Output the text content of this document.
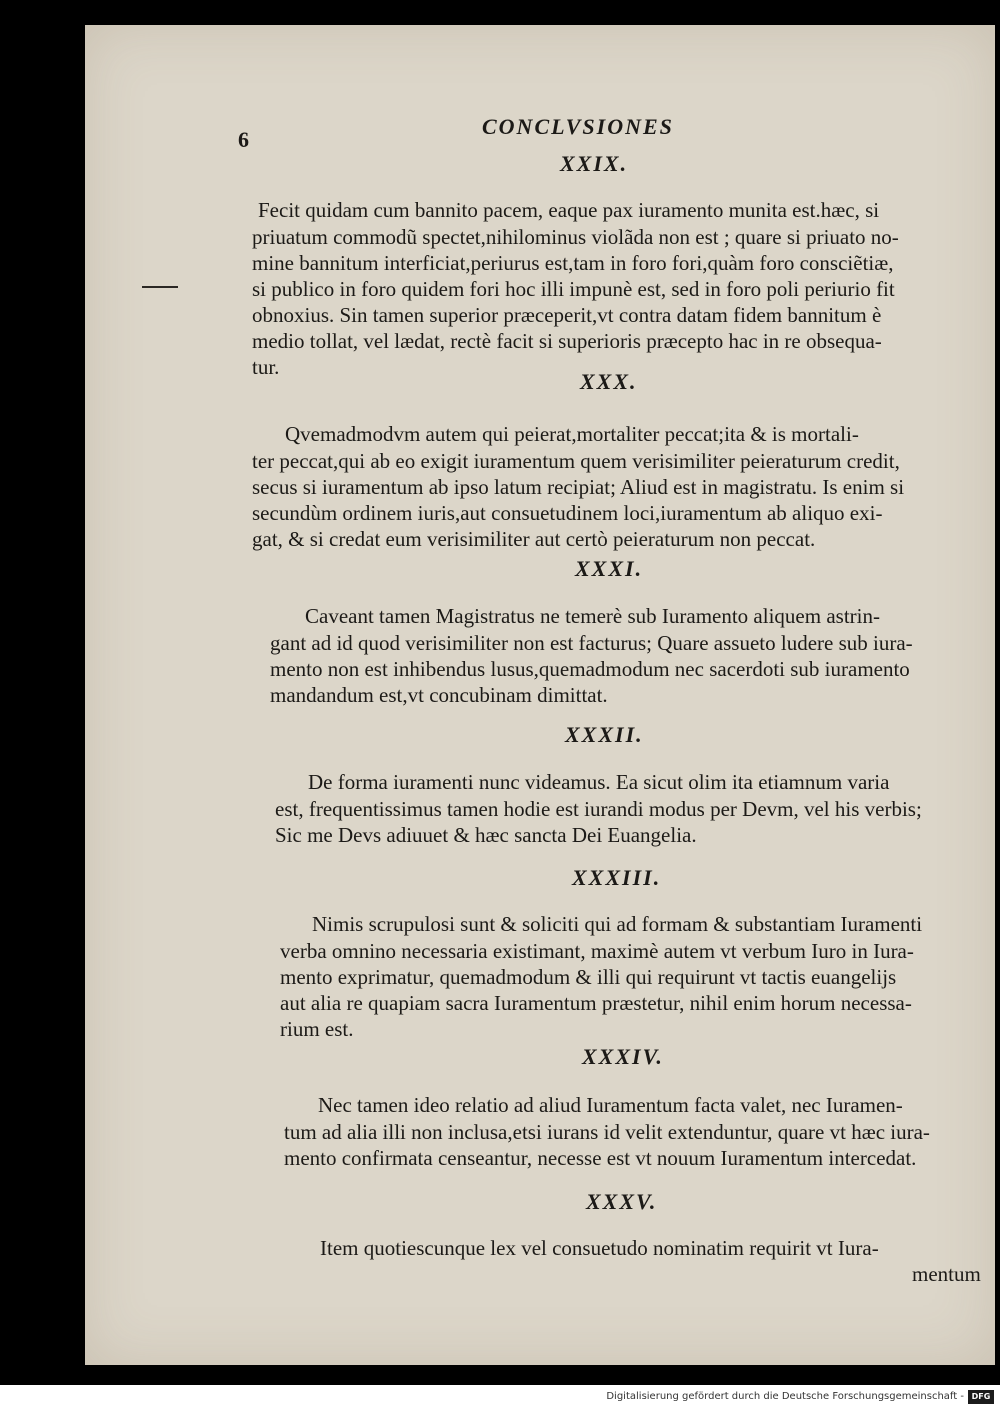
6
CONCLVSIONES
XXIX.
Fecit quidam cum bannito pacem, eaque pax iuramento munita est.hæc, si
priuatum commodũ spectet,nihilominus violãda non est ; quare si priuato no-
mine bannitum interficiat,periurus est,tam in foro fori,quàm foro consciẽtiæ,
si publico in foro quidem fori hoc illi impunè est, sed in foro poli periurio fit
obnoxius. Sin tamen superior præceperit,vt contra datam fidem bannitum è
medio tollat, vel lædat, rectè facit si superioris præcepto hac in re obsequa-
tur.
XXX.
Qvemadmodvm autem qui peierat,mortaliter peccat;ita & is mortali-
ter peccat,qui ab eo exigit iuramentum quem verisimiliter peieraturum credit,
secus si iuramentum ab ipso latum recipiat; Aliud est in magistratu. Is enim si
secundùm ordinem iuris,aut consuetudinem loci,iuramentum ab aliquo exi-
gat, & si credat eum verisimiliter aut certò peieraturum non peccat.
XXXI.
Caveant tamen Magistratus ne temerè sub Iuramento aliquem astrin-
gant ad id quod verisimiliter non est facturus; Quare assueto ludere sub iura-
mento non est inhibendus lusus,quemadmodum nec sacerdoti sub iuramento
mandandum est,vt concubinam dimittat.
XXXII.
De forma iuramenti nunc videamus. Ea sicut olim ita etiamnum varia
est, frequentissimus tamen hodie est iurandi modus per Devm, vel his verbis;
Sic me Devs adiuuet & hæc sancta Dei Euangelia.
XXXIII.
Nimis scrupulosi sunt & soliciti qui ad formam & substantiam Iuramenti
verba omnino necessaria existimant, maximè autem vt verbum Iuro in Iura-
mento exprimatur, quemadmodum & illi qui requirunt vt tactis euangelijs
aut alia re quapiam sacra Iuramentum præstetur, nihil enim horum necessa-
rium est.
XXXIV.
Nec tamen ideo relatio ad aliud Iuramentum facta valet, nec Iuramen-
tum ad alia illi non inclusa,etsi iurans id velit extenduntur, quare vt hæc iura-
mento confirmata censeantur, necesse est vt nouum Iuramentum intercedat.
XXXV.
Item quotiescunque lex vel consuetudo nominatim requirit vt Iura-
mentum
Digitalisierung gefördert durch die Deutsche Forschungsgemeinschaft - DFG
